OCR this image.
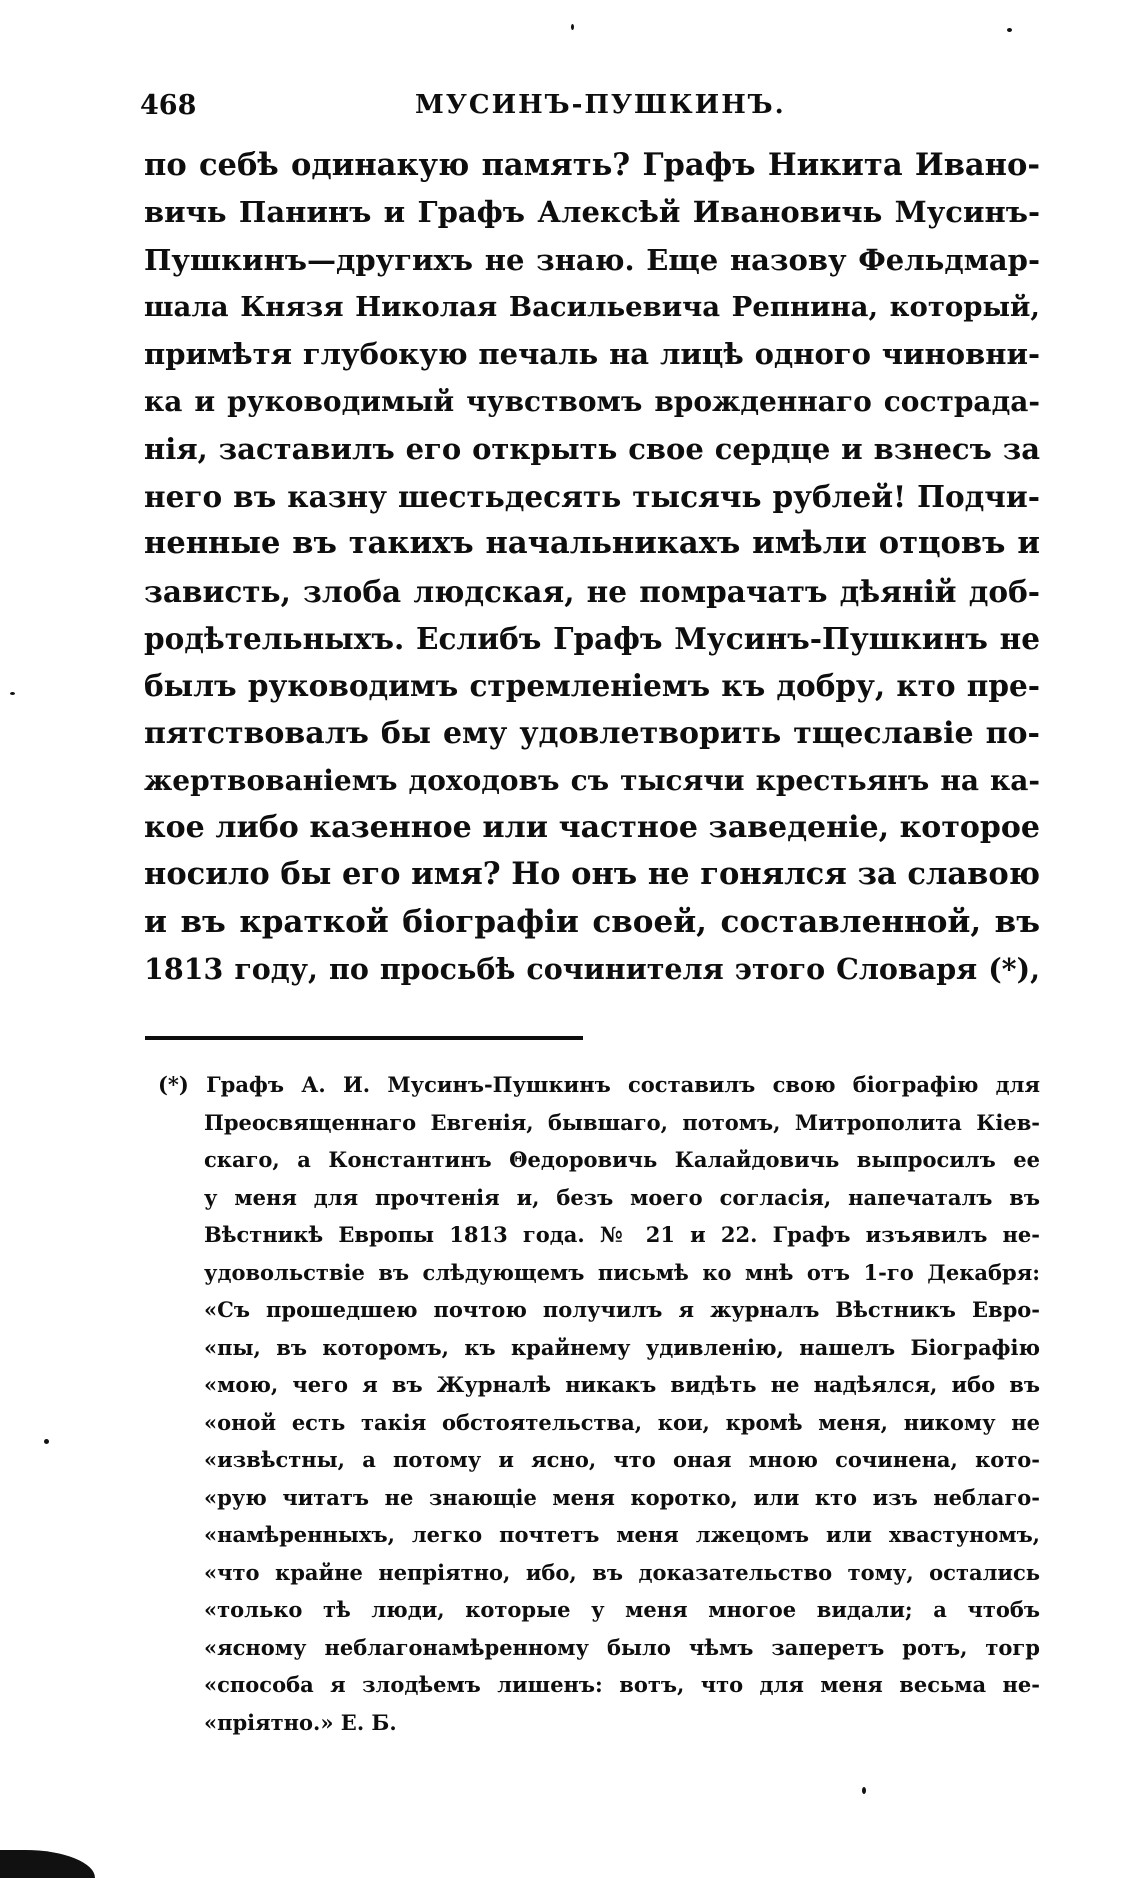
468	МУСИНЪ-ПУШКИНЪ.
по себѣ одинакую память? Графъ Никита Ивано-
вичь Панинъ и Графъ Алексѣй Ивановичь Мусинъ-
Пушкинъ—другихъ не знаю. Еще назову Фельдмар-
шала Князя Николая Васильевича Репнина, который,
примѣтя глубокую печаль на лицѣ одного чиновни-
ка и руководимый чувствомъ врожденнаго сострада-
нія, заставилъ его открыть свое сердце и взнесъ за
него въ казну шестьдесять тысячь рублей! Подчи-
ненные въ такихъ начальникахъ имѣли отцовъ и
зависть, злоба людская, не помрачатъ дѣяній доб-
родѣтельныхъ. Еслибъ Графъ Мусинъ-Пушкинъ не
былъ руководимъ стремленіемъ къ добру, кто пре-
пятствовалъ бы ему удовлетворить тщеславіе по-
жертвованіемъ доходовъ съ тысячи крестьянъ на ка-
кое либо казенное или частное заведеніе, которое
носило бы его имя? Но онъ не гонялся за славою
и въ краткой біографіи своей, составленной, въ
1813 году, по просьбѣ сочинителя этого Словаря (*),
(*) Графъ А. И. Мусинъ-Пушкинъ составилъ свою біографію для
Преосвященнаго Евгенія, бывшаго, потомъ, Митрополита Кіев-
скаго, а Константинъ Θедоровичь Калайдовичь выпросилъ ее
у меня для прочтенія и, безъ моего согласія, напечаталъ въ
Вѣстникѣ Европы 1813 года. № 21 и 22. Графъ изъявилъ не-
удовольствіе въ слѣдующемъ письмѣ ко мнѣ отъ 1-го Декабря:
«Съ прошедшею почтою получилъ я журналъ Вѣстникъ Евро-
«пы, въ которомъ, къ крайнему удивленію, нашелъ Біографію
«мою, чего я въ Журналѣ никакъ видѣть не надѣялся, ибо въ
«оной есть такія обстоятельства, кои, кромѣ меня, никому не
«извѣстны, а потому и ясно, что оная мною сочинена, кото-
«рую читатъ не знающіе меня коротко, или кто изъ неблаго-
«намѣренныхъ, легко почтетъ меня лжецомъ или хвастуномъ,
«что крайне непріятно, ибо, въ доказательство тому, остались
«только тѣ люди, которые у меня многое видали; а чтобъ
«ясному неблагонамѣренному было чѣмъ заперетъ ротъ, тогр
«способа я злодѣемъ лишенъ: вотъ, что для меня весьма не-
«пріятно.» Е. Б.
